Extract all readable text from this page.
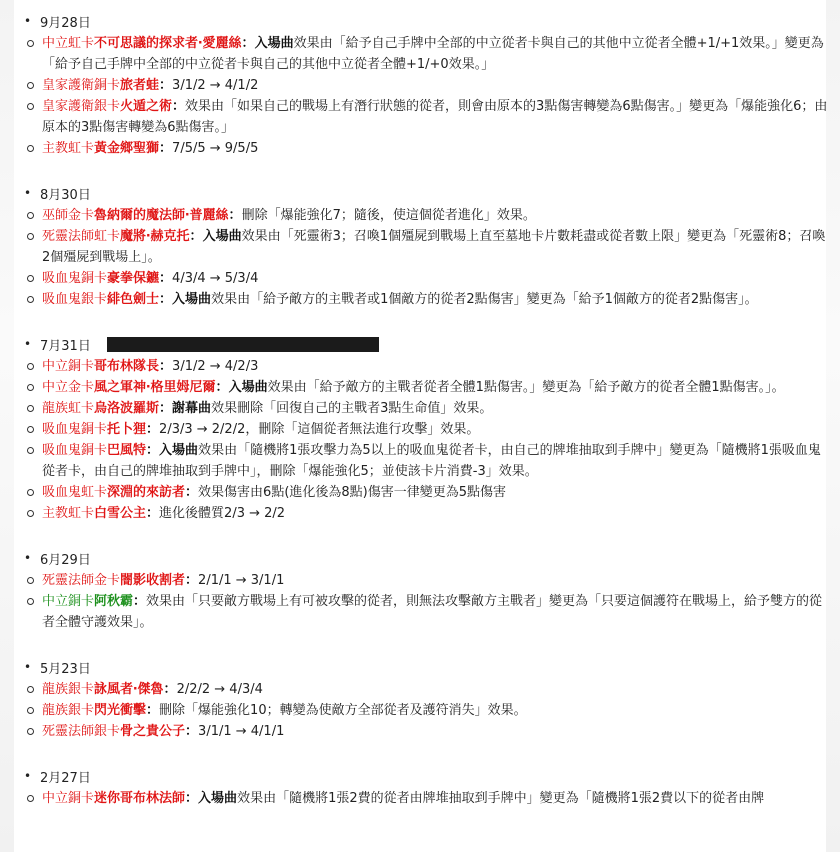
• 9月28日
中立虹卡不可思議的探求者‧愛麗絲：入場曲效果由「給予自己手牌中全部的中立從者卡與自己的其他中立從者全體+1/+1效果。」變更為「給予自己手牌中全部的中立從者卡與自己的其他中立從者全體+1/+0效果。」
皇家護衛銅卡旅者蛙：3/1/2 → 4/1/2
皇家護衛銀卡火遁之術：效果由「如果自己的戰場上有潛行狀態的從者，則會由原本的3點傷害轉變為6點傷害。」變更為「爆能強化6；由原本的3點傷害轉變為6點傷害。」
主教虹卡黃金鄉聖獅：7/5/5 → 9/5/5
• 8月30日
巫師金卡魯納爾的魔法師‧普麗絲：刪除「爆能強化7；隨後，使這個從者進化」效果。
死靈法師虹卡魔將‧赫克托：入場曲效果由「死靈術3；召喚1個殭屍到戰場上直至墓地卡片數耗盡或從者數上限」變更為「死靈術8；召喚2個殭屍到戰場上」。
吸血鬼銅卡豪拳保鑣：4/3/4 → 5/3/4
吸血鬼銀卡緋色劍士：入場曲效果由「給予敵方的主戰者或1個敵方的從者2點傷害」變更為「給予1個敵方的從者2點傷害」。
• 7月31日
中立銅卡哥布林隊長：3/1/2 → 4/2/3
中立金卡風之軍神‧格里姆尼爾：入場曲效果由「給予敵方的主戰者從者全體1點傷害。」變更為「給予敵方的從者全體1點傷害。」。
龍族虹卡烏洛波羅斯：謝幕曲效果刪除「回復自己的主戰者3點生命值」效果。
吸血鬼銅卡托卜狸：2/3/3 → 2/2/2，刪除「這個從者無法進行攻擊」效果。
吸血鬼銅卡巴風特：入場曲效果由「隨機將1張攻擊力為5以上的吸血鬼從者卡，由自己的牌堆抽取到手牌中」變更為「隨機將1張吸血鬼從者卡，由自己的牌堆抽取到手牌中」，刪除「爆能強化5；並使該卡片消費-3」效果。
吸血鬼虹卡深淵的來訪者：效果傷害由6點(進化後為8點)傷害一律變更為5點傷害
主教虹卡白雪公主：進化後體質2/3 → 2/2
• 6月29日
死靈法師金卡闇影收割者：2/1/1 → 3/1/1
中立銅卡阿秋霸：效果由「只要敵方戰場上有可被攻擊的從者，則無法攻擊敵方主戰者」變更為「只要這個護符在戰場上，給予雙方的從者全體守護效果」。
• 5月23日
龍族銀卡詠風者‧傑魯：2/2/2 → 4/3/4
龍族銀卡閃光衝擊：刪除「爆能強化10；轉變為使敵方全部從者及護符消失」效果。
死靈法師銀卡骨之貴公子：3/1/1 → 4/1/1
• 2月27日
中立銅卡迷你哥布林法師：入場曲效果由「隨機將1張2費的從者由牌堆抽取到手牌中」變更為「隨機將1張2費以下的從者由牌
